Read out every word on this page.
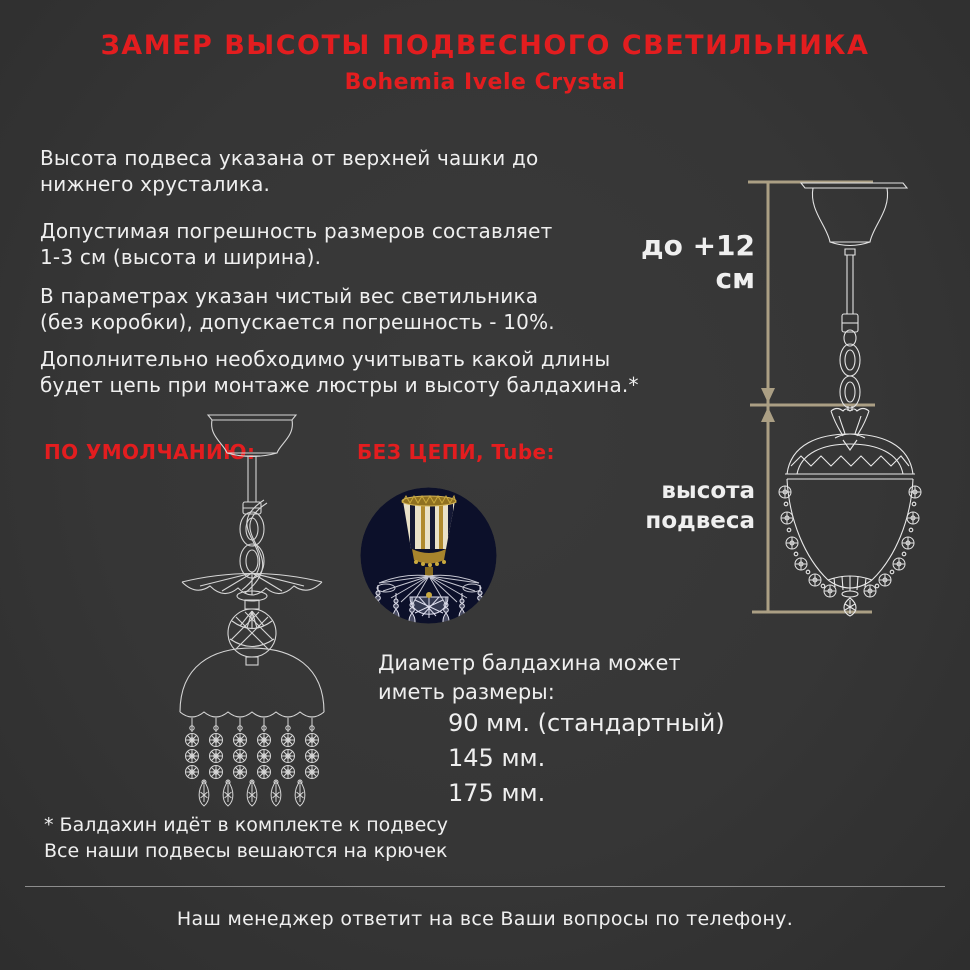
ЗАМЕР ВЫСОТЫ ПОДВЕСНОГО СВЕТИЛЬНИКА
Bohemia Ivele Crystal
Высота подвеса указана от верхней чашки до
нижнего хрусталика.
Допустимая погрешность размеров составляет
1-3 см (высота и ширина).
В параметрах указан чистый вес светильника
(без коробки), допускается погрешность - 10%.
Дополнительно необходимо учитывать какой длины
будет цепь при монтаже люстры и высоту балдахина.*
ПО УМОЛЧАНИЮ:	БЕЗ ЦЕПИ, Tube:
до +12 см
высота
подвеса
Диаметр балдахина может
иметь размеры:
90 мм. (стандартный)
145 мм.
175 мм.
* Балдахин идёт в комплекте к подвесу
Все наши подвесы вешаются на крючек
Наш менеджер ответит на все Ваши вопросы по телефону.
